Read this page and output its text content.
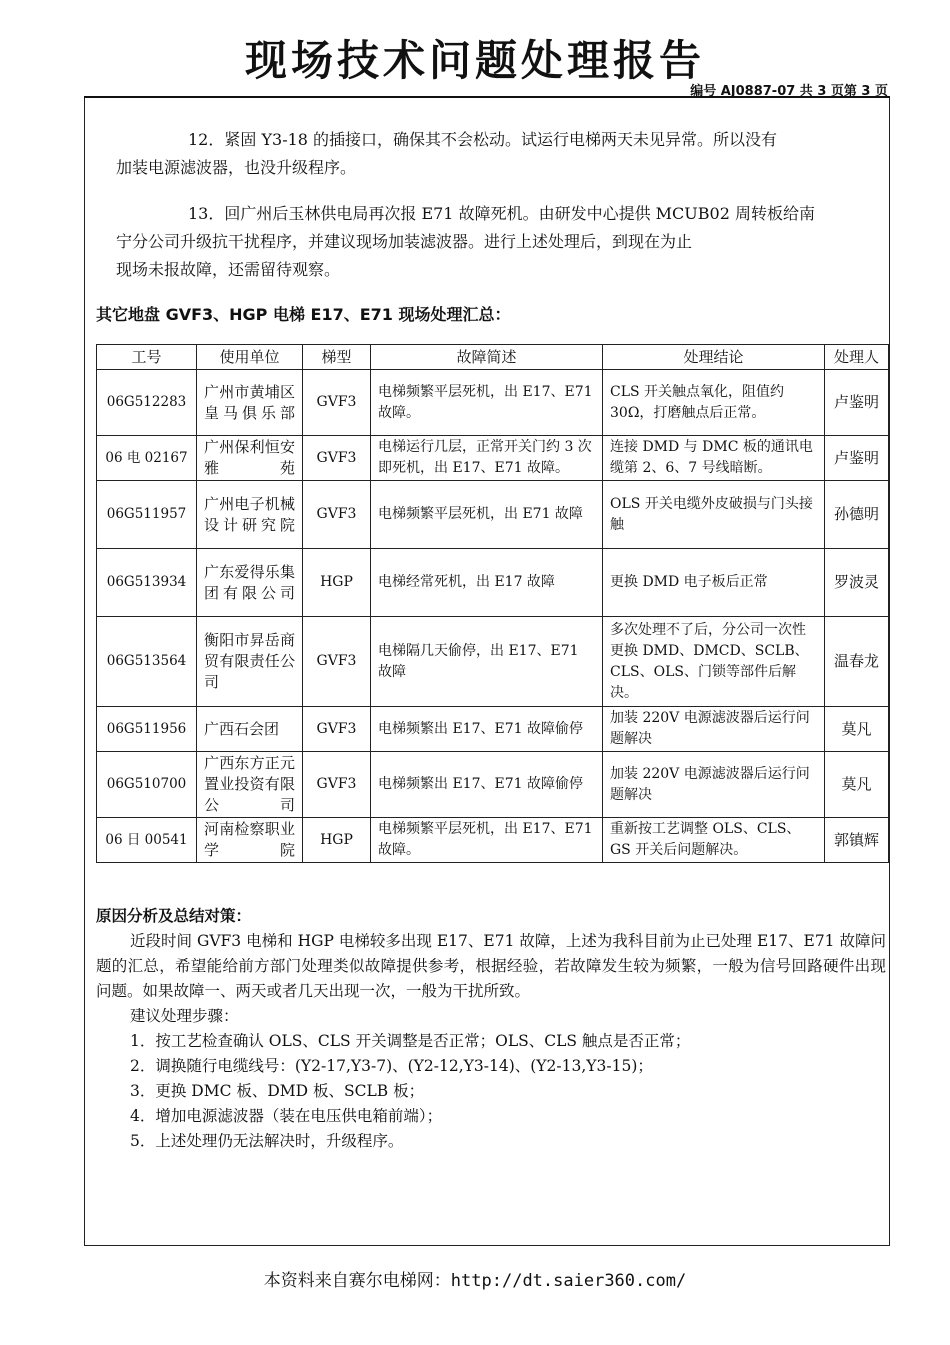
现场技术问题处理报告
编号 AJ0887-07 共 3 页第 3 页
12．紧固 Y3-18 的插接口，确保其不会松动。试运行电梯两天未见异常。所以没有
加装电源滤波器，也没升级程序。
13．回广州后玉林供电局再次报 E71 故障死机。由研发中心提供 MCUB02 周转板给南
宁分公司升级抗干扰程序，并建议现场加装滤波器。进行上述处理后，到现在为止
现场未报故障，还需留待观察。
其它地盘 GVF3、HGP 电梯 E17、E71 现场处理汇总：
工号	使用单位	梯型	故障简述	处理结论	处理人
06G512283	广州市黄埔区皇马俱乐部	GVF3	电梯频繁平层死机，出 E17、E71 故障。	CLS 开关触点氧化，阻值约 30Ω，打磨触点后正常。	卢鉴明
06 电 02167	广州保利恒安雅苑	GVF3	电梯运行几层，正常开关门约 3 次即死机，出 E17、E71 故障。	连接 DMD 与 DMC 板的通讯电缆第 2、6、7 号线暗断。	卢鉴明
06G511957	广州电子机械设计研究院	GVF3	电梯频繁平层死机，出 E71 故障	OLS 开关电缆外皮破损与门头接触	孙德明
06G513934	广东爱得乐集团有限公司	HGP	电梯经常死机，出 E17 故障	更换 DMD 电子板后正常	罗波灵
06G513564	衡阳市昇岳商贸有限责任公司	GVF3	电梯隔几天偷停，出 E17、E71 故障	多次处理不了后，分公司一次性更换 DMD、DMCD、SCLB、CLS、OLS、门锁等部件后解决。	温春龙
06G511956	广西石会团	GVF3	电梯频繁出 E17、E71 故障偷停	加装 220V 电源滤波器后运行问题解决	莫凡
06G510700	广西东方正元置业投资有限公司	GVF3	电梯频繁出 E17、E71 故障偷停	加装 220V 电源滤波器后运行问题解决	莫凡
06 日 00541	河南检察职业学院	HGP	电梯频繁平层死机，出 E17、E71 故障。	重新按工艺调整 OLS、CLS、GS 开关后问题解决。	郭镇辉
原因分析及总结对策：
近段时间 GVF3 电梯和 HGP 电梯较多出现 E17、E71 故障，上述为我科目前为止已处理 E17、E71 故障问题的汇总，希望能给前方部门处理类似故障提供参考，根据经验，若故障发生较为频繁，一般为信号回路硬件出现问题。如果故障一、两天或者几天出现一次，一般为干扰所致。
建议处理步骤：
1．按工艺检查确认 OLS、CLS 开关调整是否正常；OLS、CLS 触点是否正常；
2．调换随行电缆线号：(Y2-17,Y3-7)、(Y2-12,Y3-14)、(Y2-13,Y3-15)；
3．更换 DMC 板、DMD 板、SCLB 板；
4．增加电源滤波器（装在电压供电箱前端）；
5．上述处理仍无法解决时，升级程序。
本资料来自赛尔电梯网：http://dt.saier360.com/
